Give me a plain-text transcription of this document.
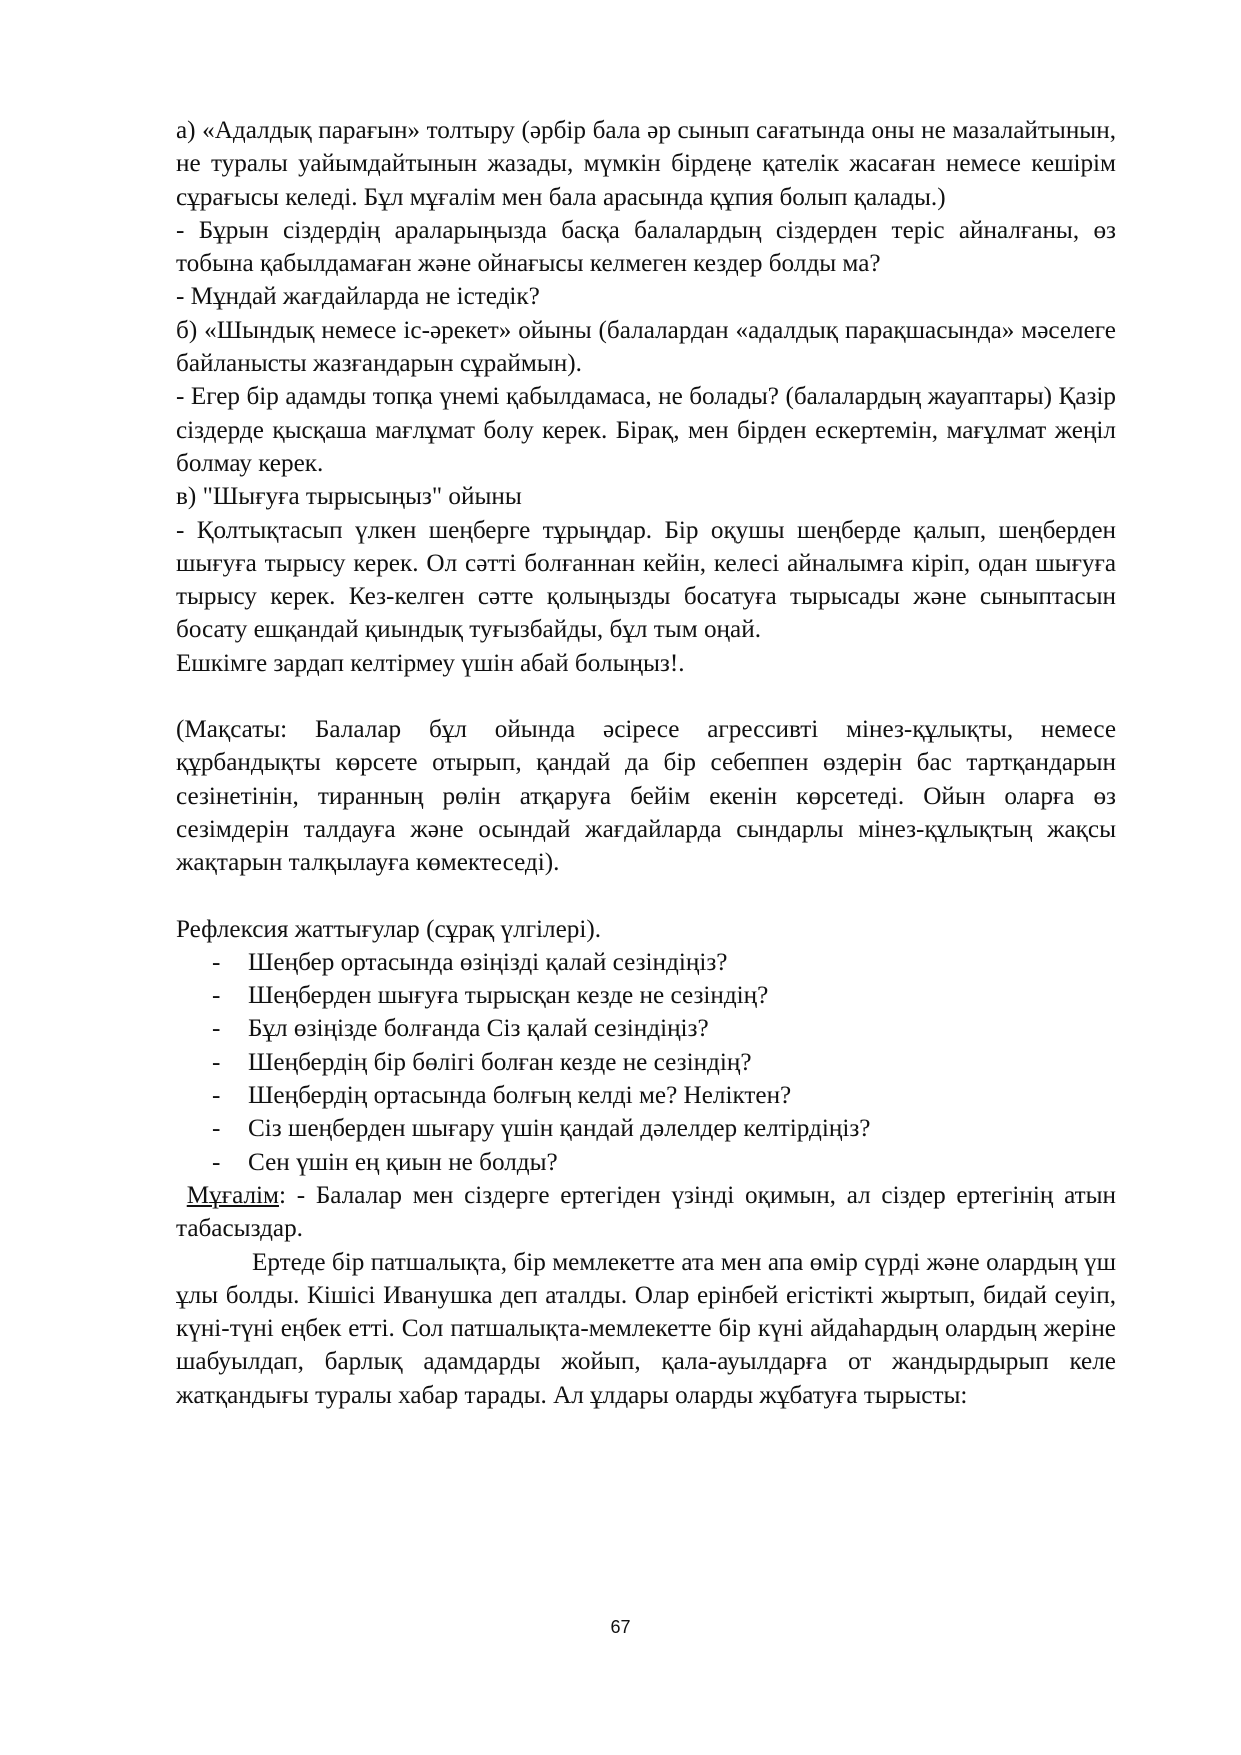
а) «Адалдық парағын» толтыру (әрбір бала әр сынып сағатында оны не мазалайтынын, не туралы уайымдайтынын жазады, мүмкін бірдеңе қателік жасаған немесе кешірім сұрағысы келеді. Бұл мұғалім мен бала арасында құпия болып қалады.)

- Бұрын сіздердің араларыңызда басқа балалардың сіздерден теріс айналғаны, өз тобына қабылдамаған және ойнағысы келмеген кездер болды ма?

- Мұндай жағдайларда не істедік?

б) «Шындық немесе іс-әрекет» ойыны (балалардан «адалдық парақшасында» мәселеге байланысты жазғандарын сұраймын).

- Егер бір адамды топқа үнемі қабылдамаса, не болады? (балалардың жауаптары) Қазір сіздерде қысқаша мағлұмат болу керек. Бірақ, мен бірден ескертемін, мағұлмат жеңіл болмау керек.

в) "Шығуға тырысыңыз" ойыны

- Қолтықтасып үлкен шеңберге тұрыңдар. Бір оқушы шеңберде қалып, шеңберден шығуға тырысу керек. Ол сәтті болғаннан кейін, келесі айналымға кіріп, одан шығуға тырысу керек. Кез-келген сәтте қолыңызды босатуға тырысады және сыныптасын босату ешқандай қиындық туғызбайды, бұл тым оңай.

Ешкімге зардап келтірмеу үшін абай болыңыз!.

(Мақсаты: Балалар бұл ойында әсіресе агрессивті мінез-құлықты, немесе құрбандықты көрсете отырып, қандай да бір себеппен өздерін бас тартқандарын сезінетінін, тиранның рөлін атқаруға бейім екенін көрсетеді. Ойын оларға өз сезімдерін талдауға және осындай жағдайларда сындарлы мінез-құлықтың жақсы жақтарын талқылауға көмектеседі).

Рефлексия жаттығулар (сұрақ үлгілері).

- Шеңбер ортасында өзіңізді қалай сезіндіңіз?
- Шеңберден шығуға тырысқан кезде не сезіндің?
- Бұл өзіңізде болғанда Сіз қалай сезіндіңіз?
- Шеңбердің бір бөлігі болған кезде не сезіндің?
- Шеңбердің ортасында болғың келді ме? Неліктен?
- Сіз шеңберден шығару үшін қандай дәлелдер келтірдіңіз?
- Сен үшін ең қиын не болды?

Мұғалім: - Балалар мен сіздерге ертегіден үзінді оқимын, ал сіздер ертегінің атын табасыздар.

Ертеде бір патшалықта, бір мемлекетте ата мен апа өмір сүрді және олардың үш ұлы болды. Кішісі Иванушка деп аталды. Олар ерінбей егістікті жыртып, бидай сеуіп, күні-түні еңбек етті. Сол патшалықта-мемлекетте бір күні айдаһардың олардың жеріне шабуылдап, барлық адамдарды жойып, қала-ауылдарға от жандырдырып келе жатқандығы туралы хабар тарады. Ал ұлдары оларды жұбатуға тырысты:

67
